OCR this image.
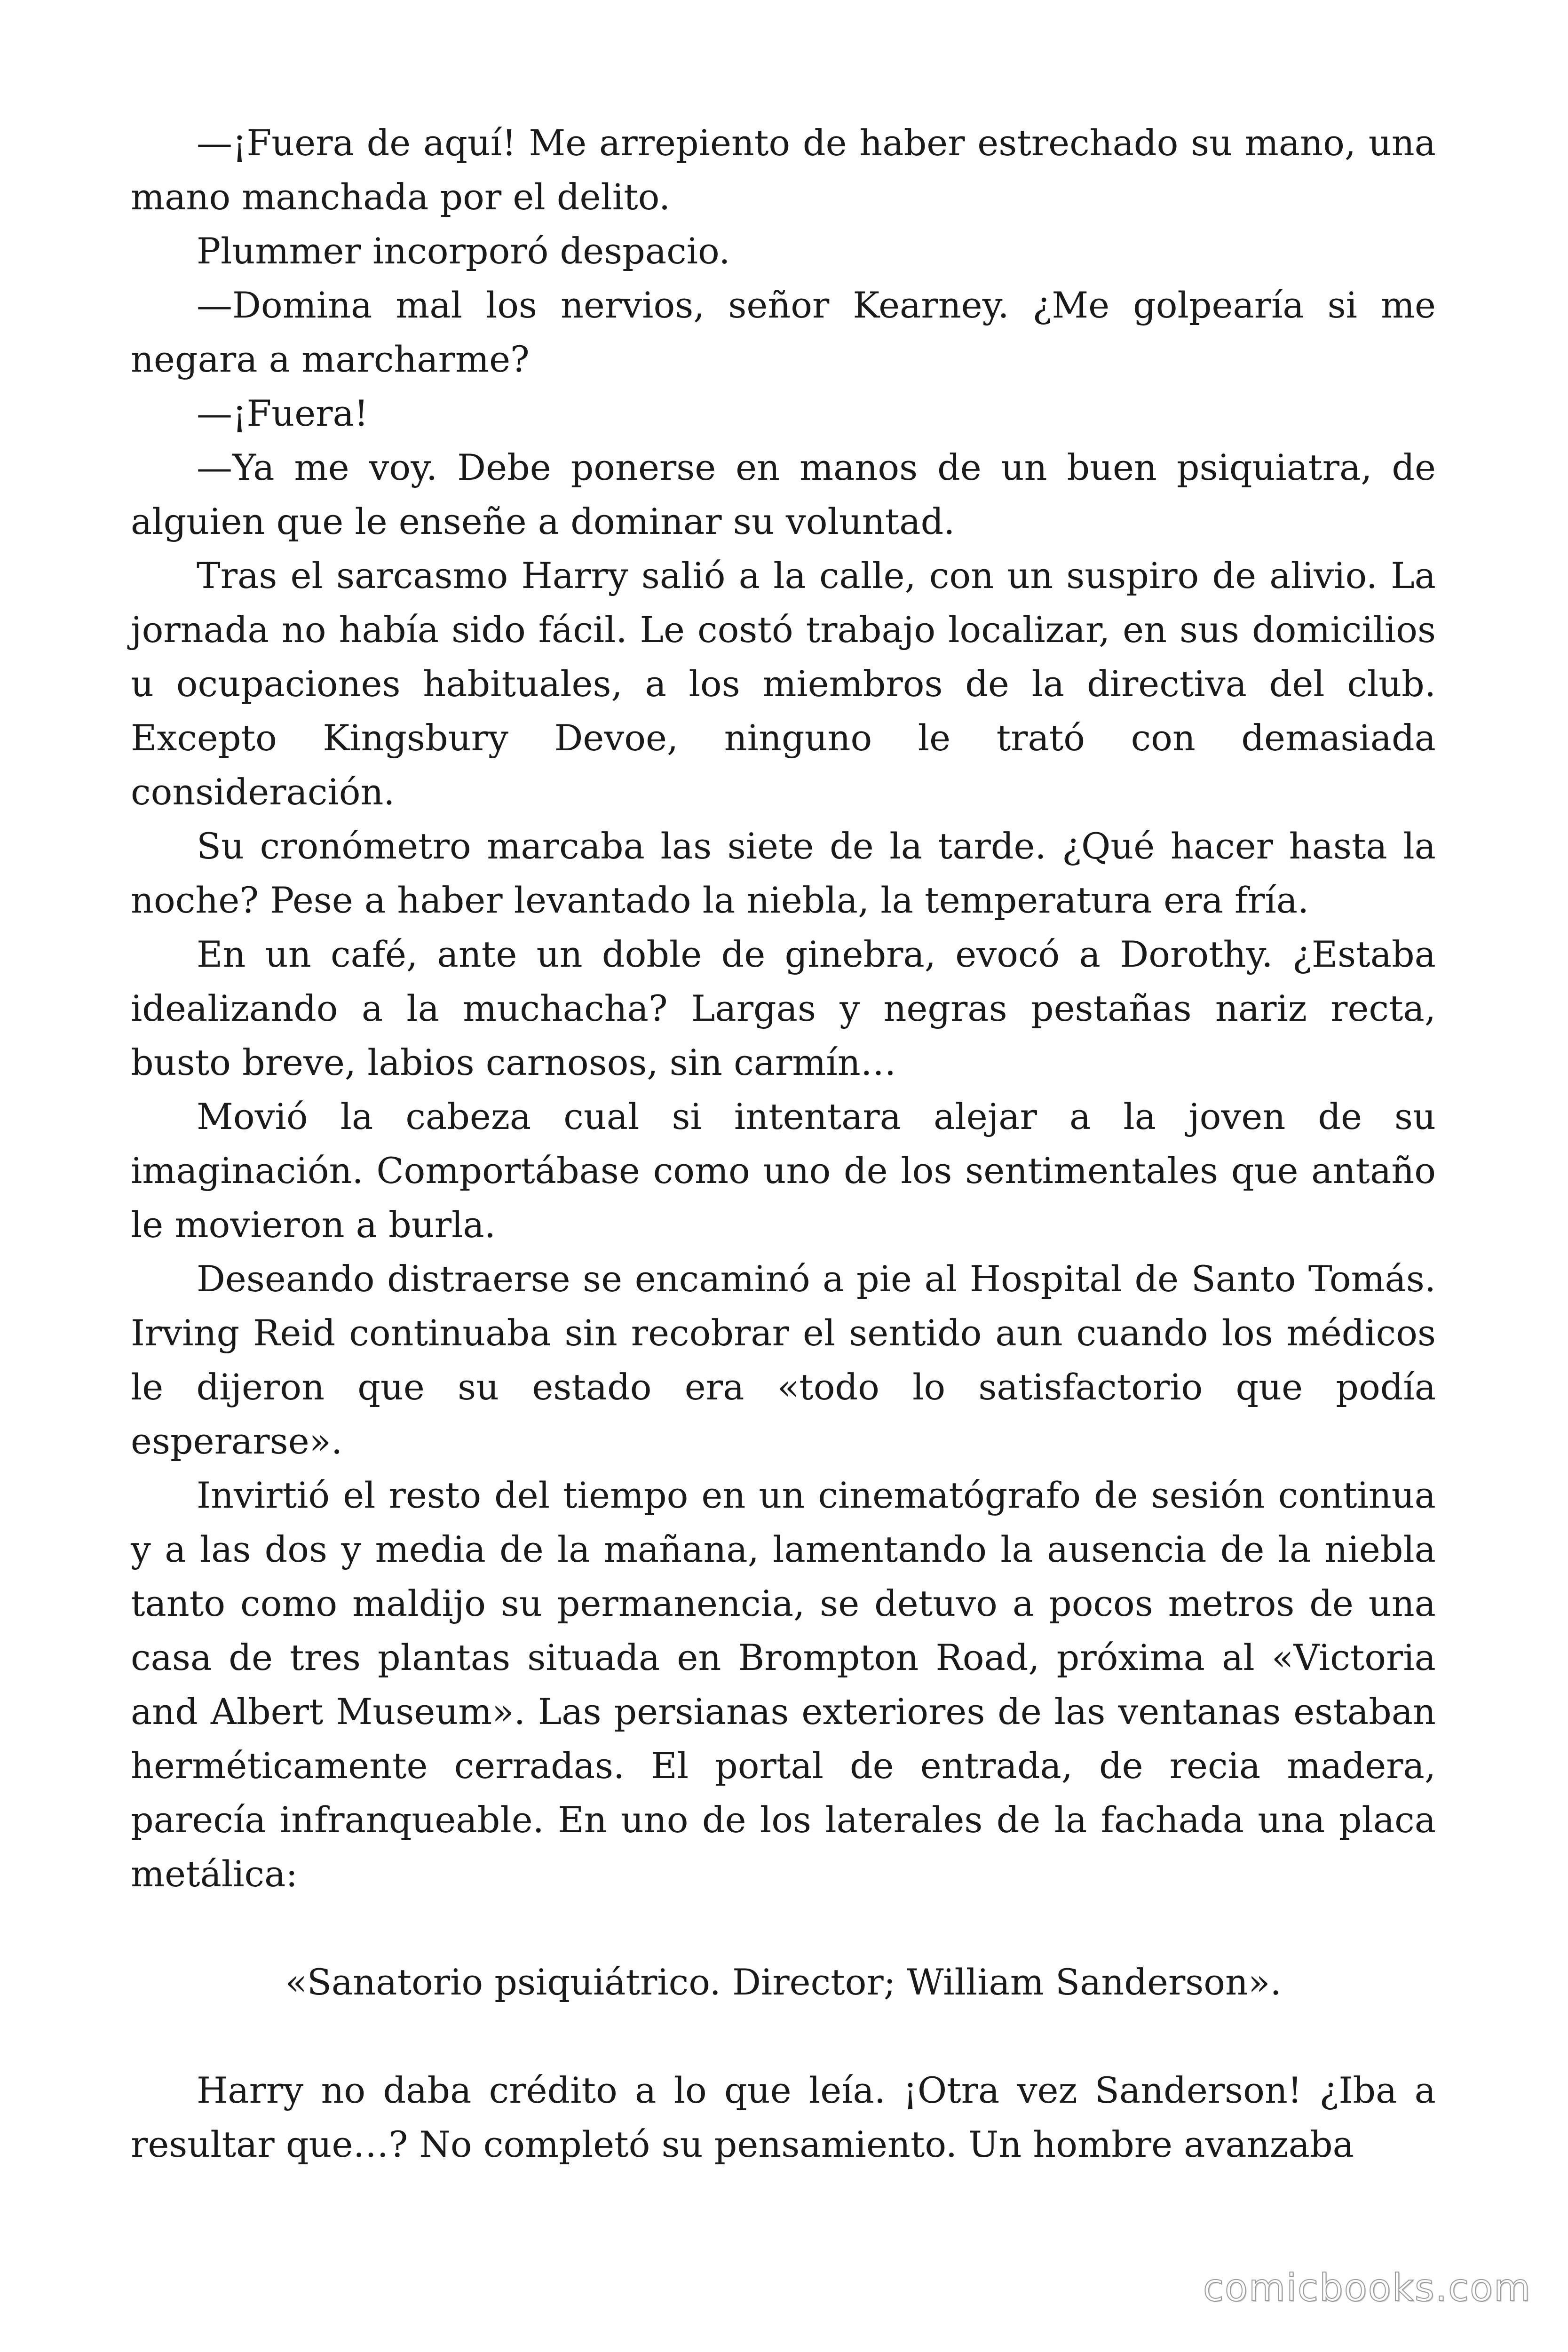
—¡Fuera de aquí! Me arrepiento de haber estrechado su mano, una mano manchada por el delito.

Plummer incorporó despacio.

—Domina mal los nervios, señor Kearney. ¿Me golpearía si me negara a marcharme?

—¡Fuera!

—Ya me voy. Debe ponerse en manos de un buen psiquiatra, de alguien que le enseñe a dominar su voluntad.

Tras el sarcasmo Harry salió a la calle, con un suspiro de alivio. La jornada no había sido fácil. Le costó trabajo localizar, en sus domicilios u ocupaciones habituales, a los miembros de la directiva del club. Excepto Kingsbury Devoe, ninguno le trató con demasiada consideración.

Su cronómetro marcaba las siete de la tarde. ¿Qué hacer hasta la noche? Pese a haber levantado la niebla, la temperatura era fría.

En un café, ante un doble de ginebra, evocó a Dorothy. ¿Estaba idealizando a la muchacha? Largas y negras pestañas nariz recta, busto breve, labios carnosos, sin carmín…

Movió la cabeza cual si intentara alejar a la joven de su imaginación. Comportábase como uno de los sentimentales que antaño le movieron a burla.

Deseando distraerse se encaminó a pie al Hospital de Santo Tomás. Irving Reid continuaba sin recobrar el sentido aun cuando los médicos le dijeron que su estado era «todo lo satisfactorio que podía esperarse».

Invirtió el resto del tiempo en un cinematógrafo de sesión continua y a las dos y media de la mañana, lamentando la ausencia de la niebla tanto como maldijo su permanencia, se detuvo a pocos metros de una casa de tres plantas situada en Brompton Road, próxima al «Victoria and Albert Museum». Las persianas exteriores de las ventanas estaban herméticamente cerradas. El portal de entrada, de recia madera, parecía infranqueable. En uno de los laterales de la fachada una placa metálica:

«Sanatorio psiquiátrico. Director; William Sanderson».

Harry no daba crédito a lo que leía. ¡Otra vez Sanderson! ¿Iba a resultar que…? No completó su pensamiento. Un hombre avanzaba

comicbooks.com
